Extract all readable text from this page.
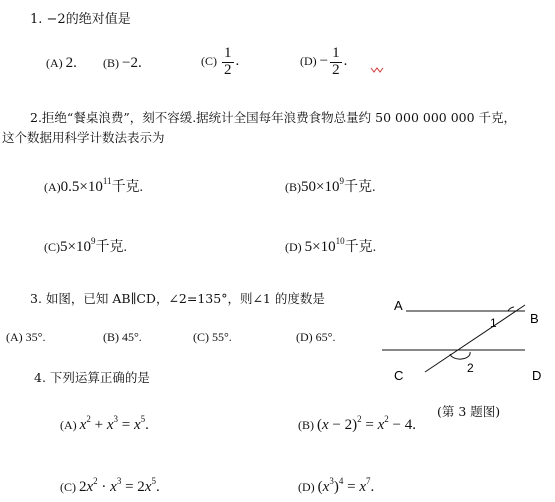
1. −2的绝对值是
(A) 2. (B) −2.	$(C) \frac{1}{2}$ .	$(D) - \frac{1}{2}$ .
2.拒绝“餐桌浪费”，刻不容缓.据统计全国每年浪费食物总量约 50 000 000 000 千克，
这个数据用科学计数法表示为
$(A)0.5\times 10^{11}$千克.	$(B)50\times 10^9$千克.
$(C)5\times 10^9$千克.	(D) $5\times 10^{10}$千克.
3. 如图，已知 AB∥CD，∠2=135°，则∠1 的度数是
(A) 35°.	(B) 45°.	(C) 55°.	(D) 65°.
A
B
C	D
1
2
(第 3 题图)
4. 下列运算正确的是
(A) $x^2 + x^3 = x^5$.	(B) $(x - 2)^2 = x^2 - 4$.
(C) $2x^2 \cdot x^3 = 2x^5$.	(D) $(x^3)^4 = x^7$.
